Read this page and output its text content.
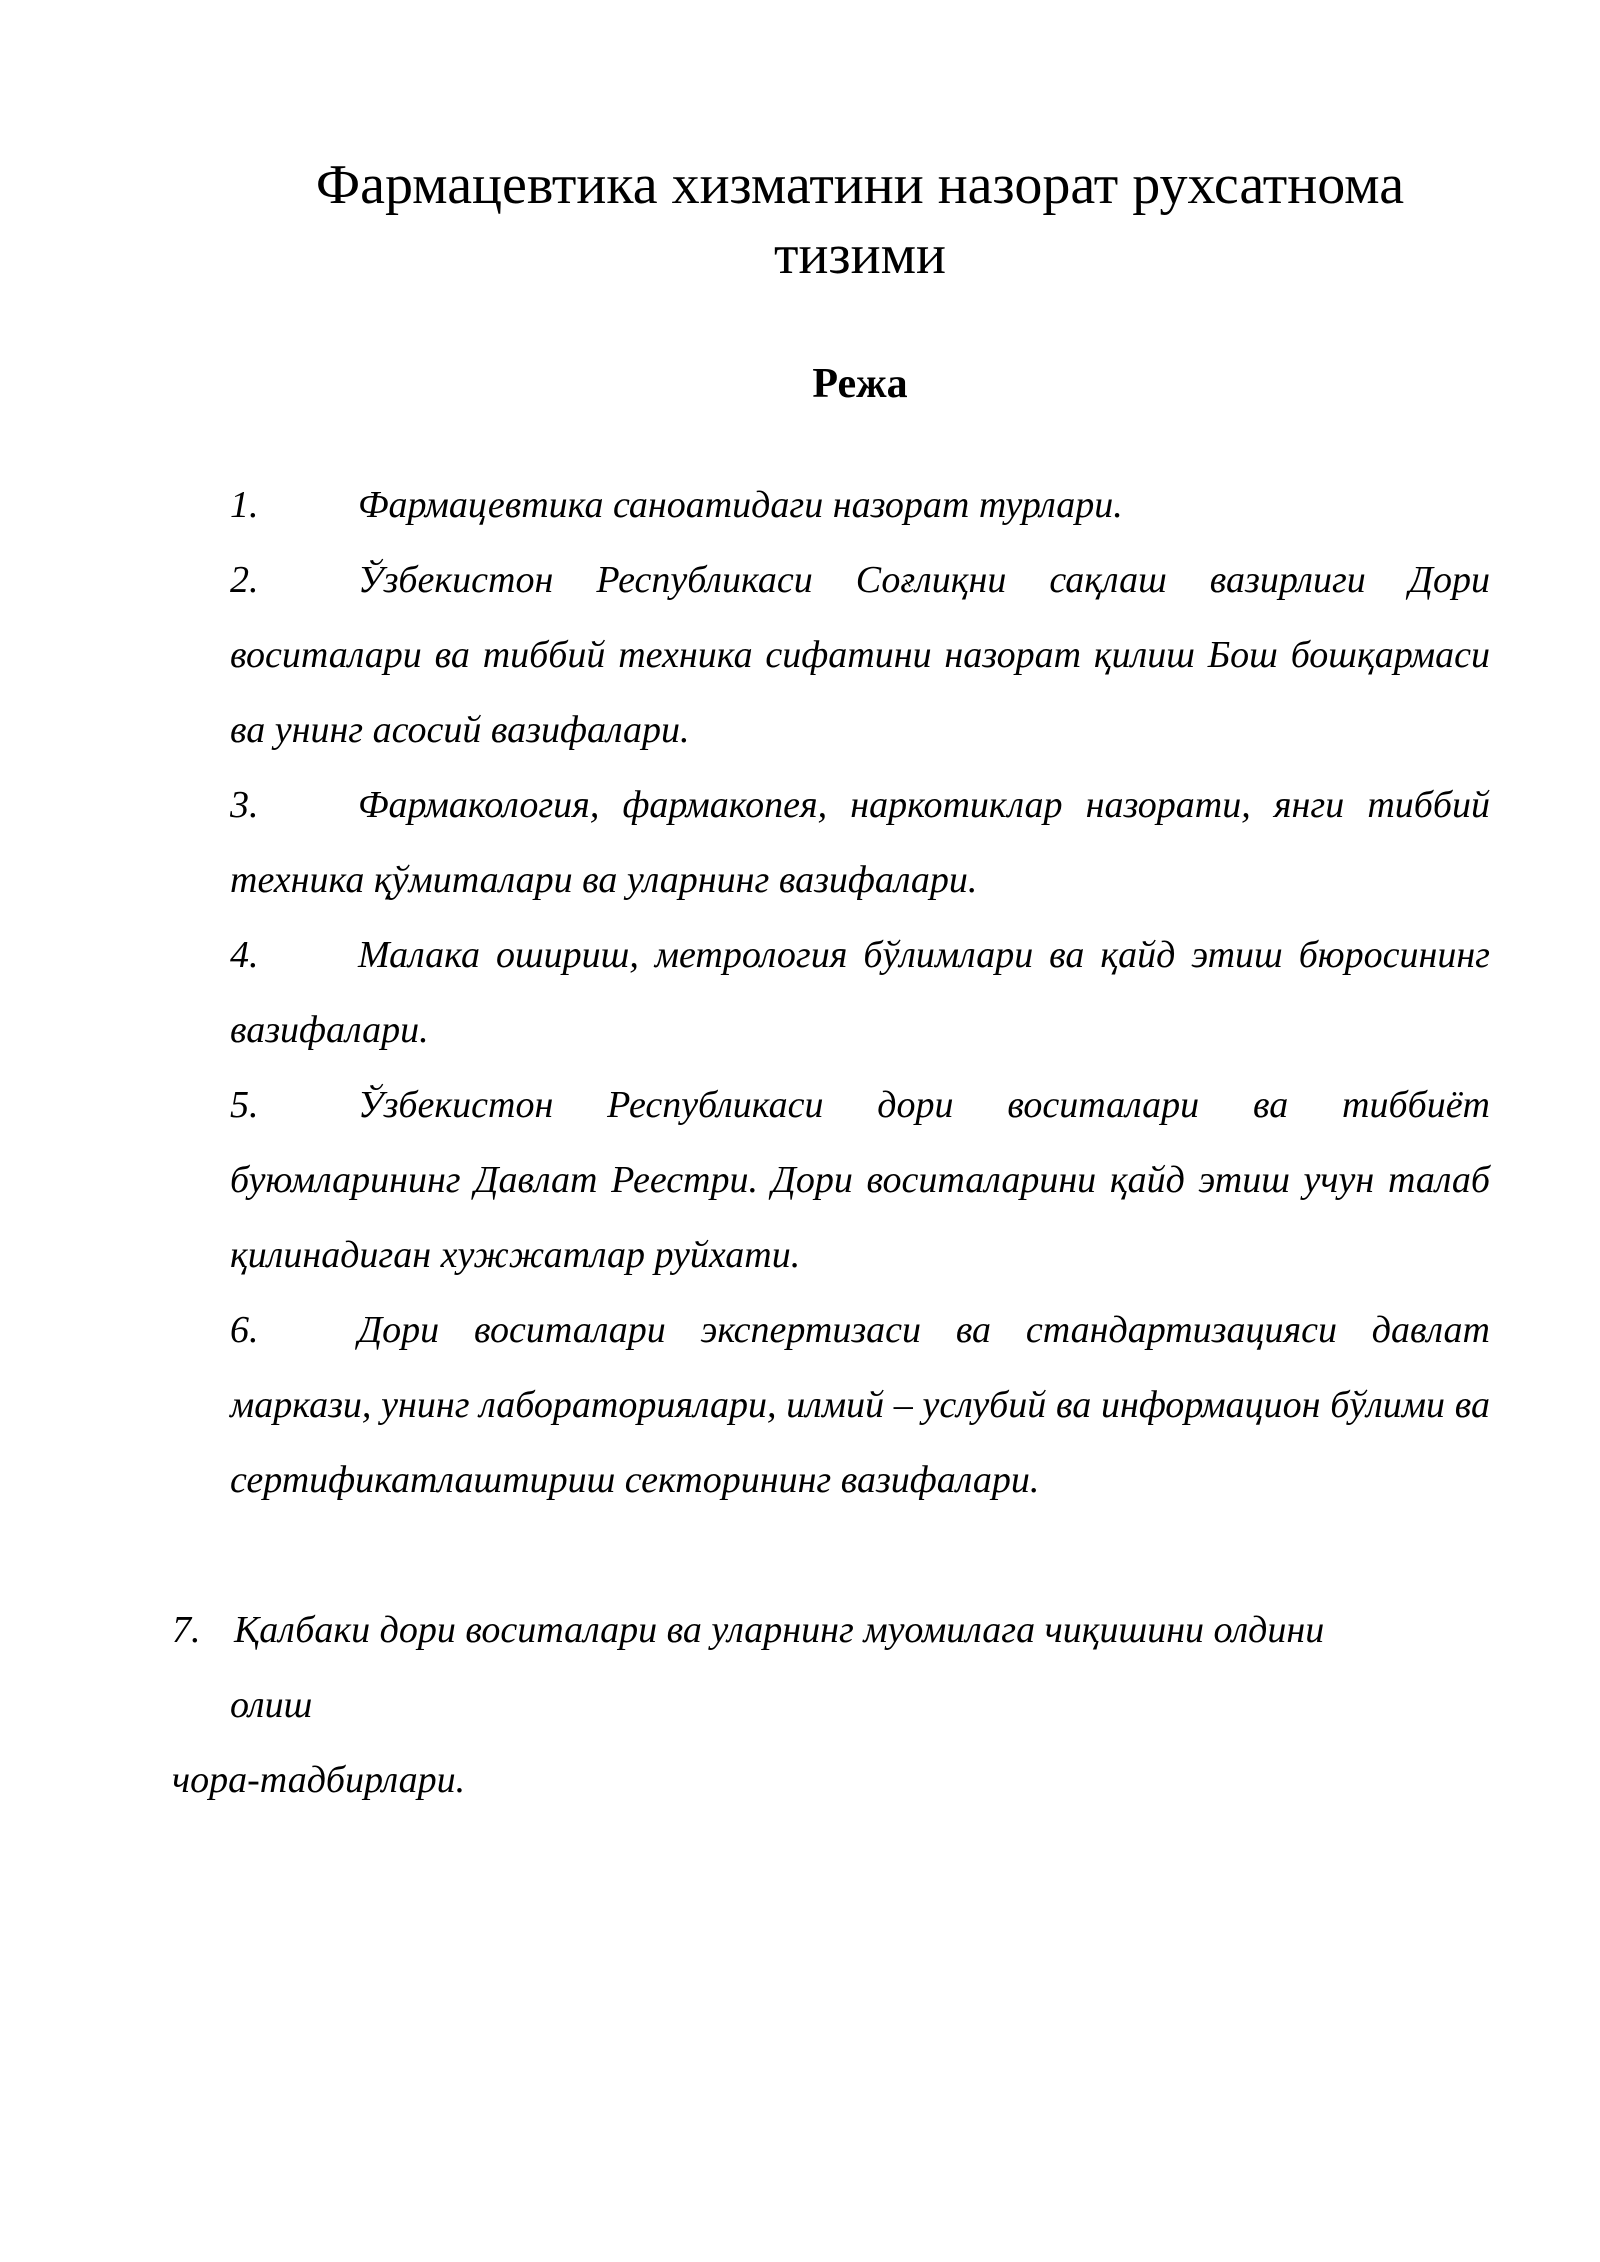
Фармацевтика хизматини назорат рухсатнома тизими
Режа
1.	Фармацевтика саноатидаги назорат турлари.
2.	Ўзбекистон Республикаси Соғлиқни сақлаш вазирлиги Дори воситалари ва тиббий техника сифатини назорат қилиш Бош бошқармаси ва унинг асосий вазифалари.
3.	Фармакология, фармакопея, наркотиклар назорати, янги тиббий техника қўмиталари ва уларнинг вазифалари.
4.	Малака ошириш, метрология бўлимлари ва қайд этиш бюросининг вазифалари.
5.	Ўзбекистон Республикаси дори воситалари ва тиббиёт буюмларининг Давлат Реестри. Дори воситаларини қайд этиш учун талаб қилинадиган хужжатлар руйхати.
6.	Дори воситалари экспертизаси ва стандартизацияси давлат маркази, унинг лабораториялари, илмий – услубий ва информацион бўлими ва сертификатлаштириш секторининг вазифалари.
7. Қалбаки дори воситалари ва уларнинг муомилага чиқишини олдини
олиш
чора-тадбирлари.
